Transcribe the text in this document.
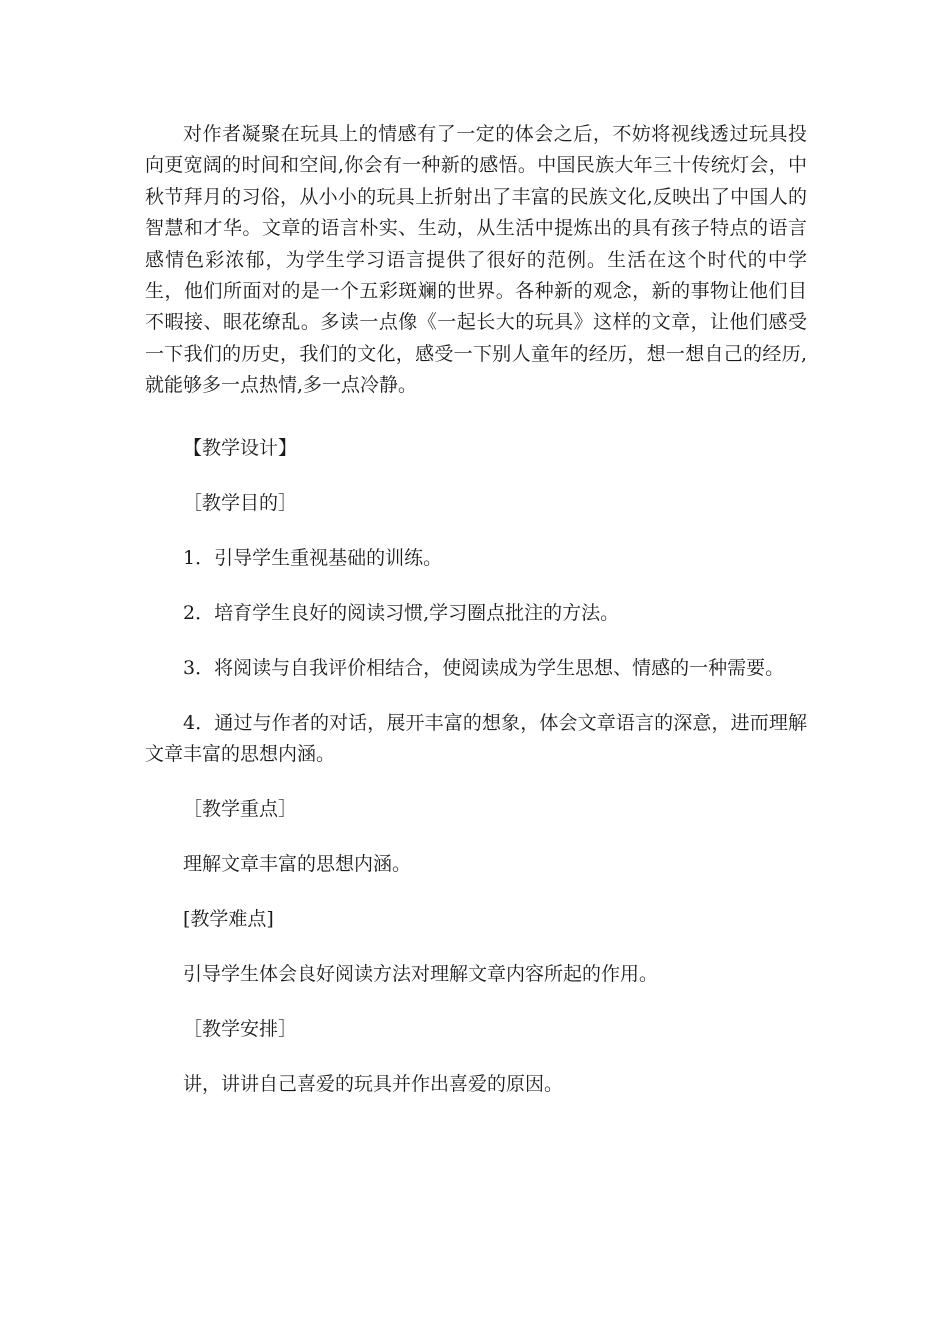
对作者凝聚在玩具上的情感有了一定的体会之后，不妨将视线透过玩具投向更宽阔的时间和空间,你会有一种新的感悟。中国民族大年三十传统灯会，中秋节拜月的习俗，从小小的玩具上折射出了丰富的民族文化,反映出了中国人的智慧和才华。文章的语言朴实、生动，从生活中提炼出的具有孩子特点的语言感情色彩浓郁，为学生学习语言提供了很好的范例。生活在这个时代的中学生，他们所面对的是一个五彩斑斓的世界。各种新的观念，新的事物让他们目不暇接、眼花缭乱。多读一点像《一起长大的玩具》这样的文章，让他们感受一下我们的历史，我们的文化，感受一下别人童年的经历，想一想自己的经历,就能够多一点热情,多一点冷静。

【教学设计】

［教学目的］

1．引导学生重视基础的训练。

2．培育学生良好的阅读习惯,学习圈点批注的方法。

3．将阅读与自我评价相结合，使阅读成为学生思想、情感的一种需要。

4．通过与作者的对话，展开丰富的想象，体会文章语言的深意，进而理解文章丰富的思想内涵。

［教学重点］

理解文章丰富的思想内涵。

[教学难点]

引导学生体会良好阅读方法对理解文章内容所起的作用。

［教学安排］

讲，讲讲自己喜爱的玩具并作出喜爱的原因。
